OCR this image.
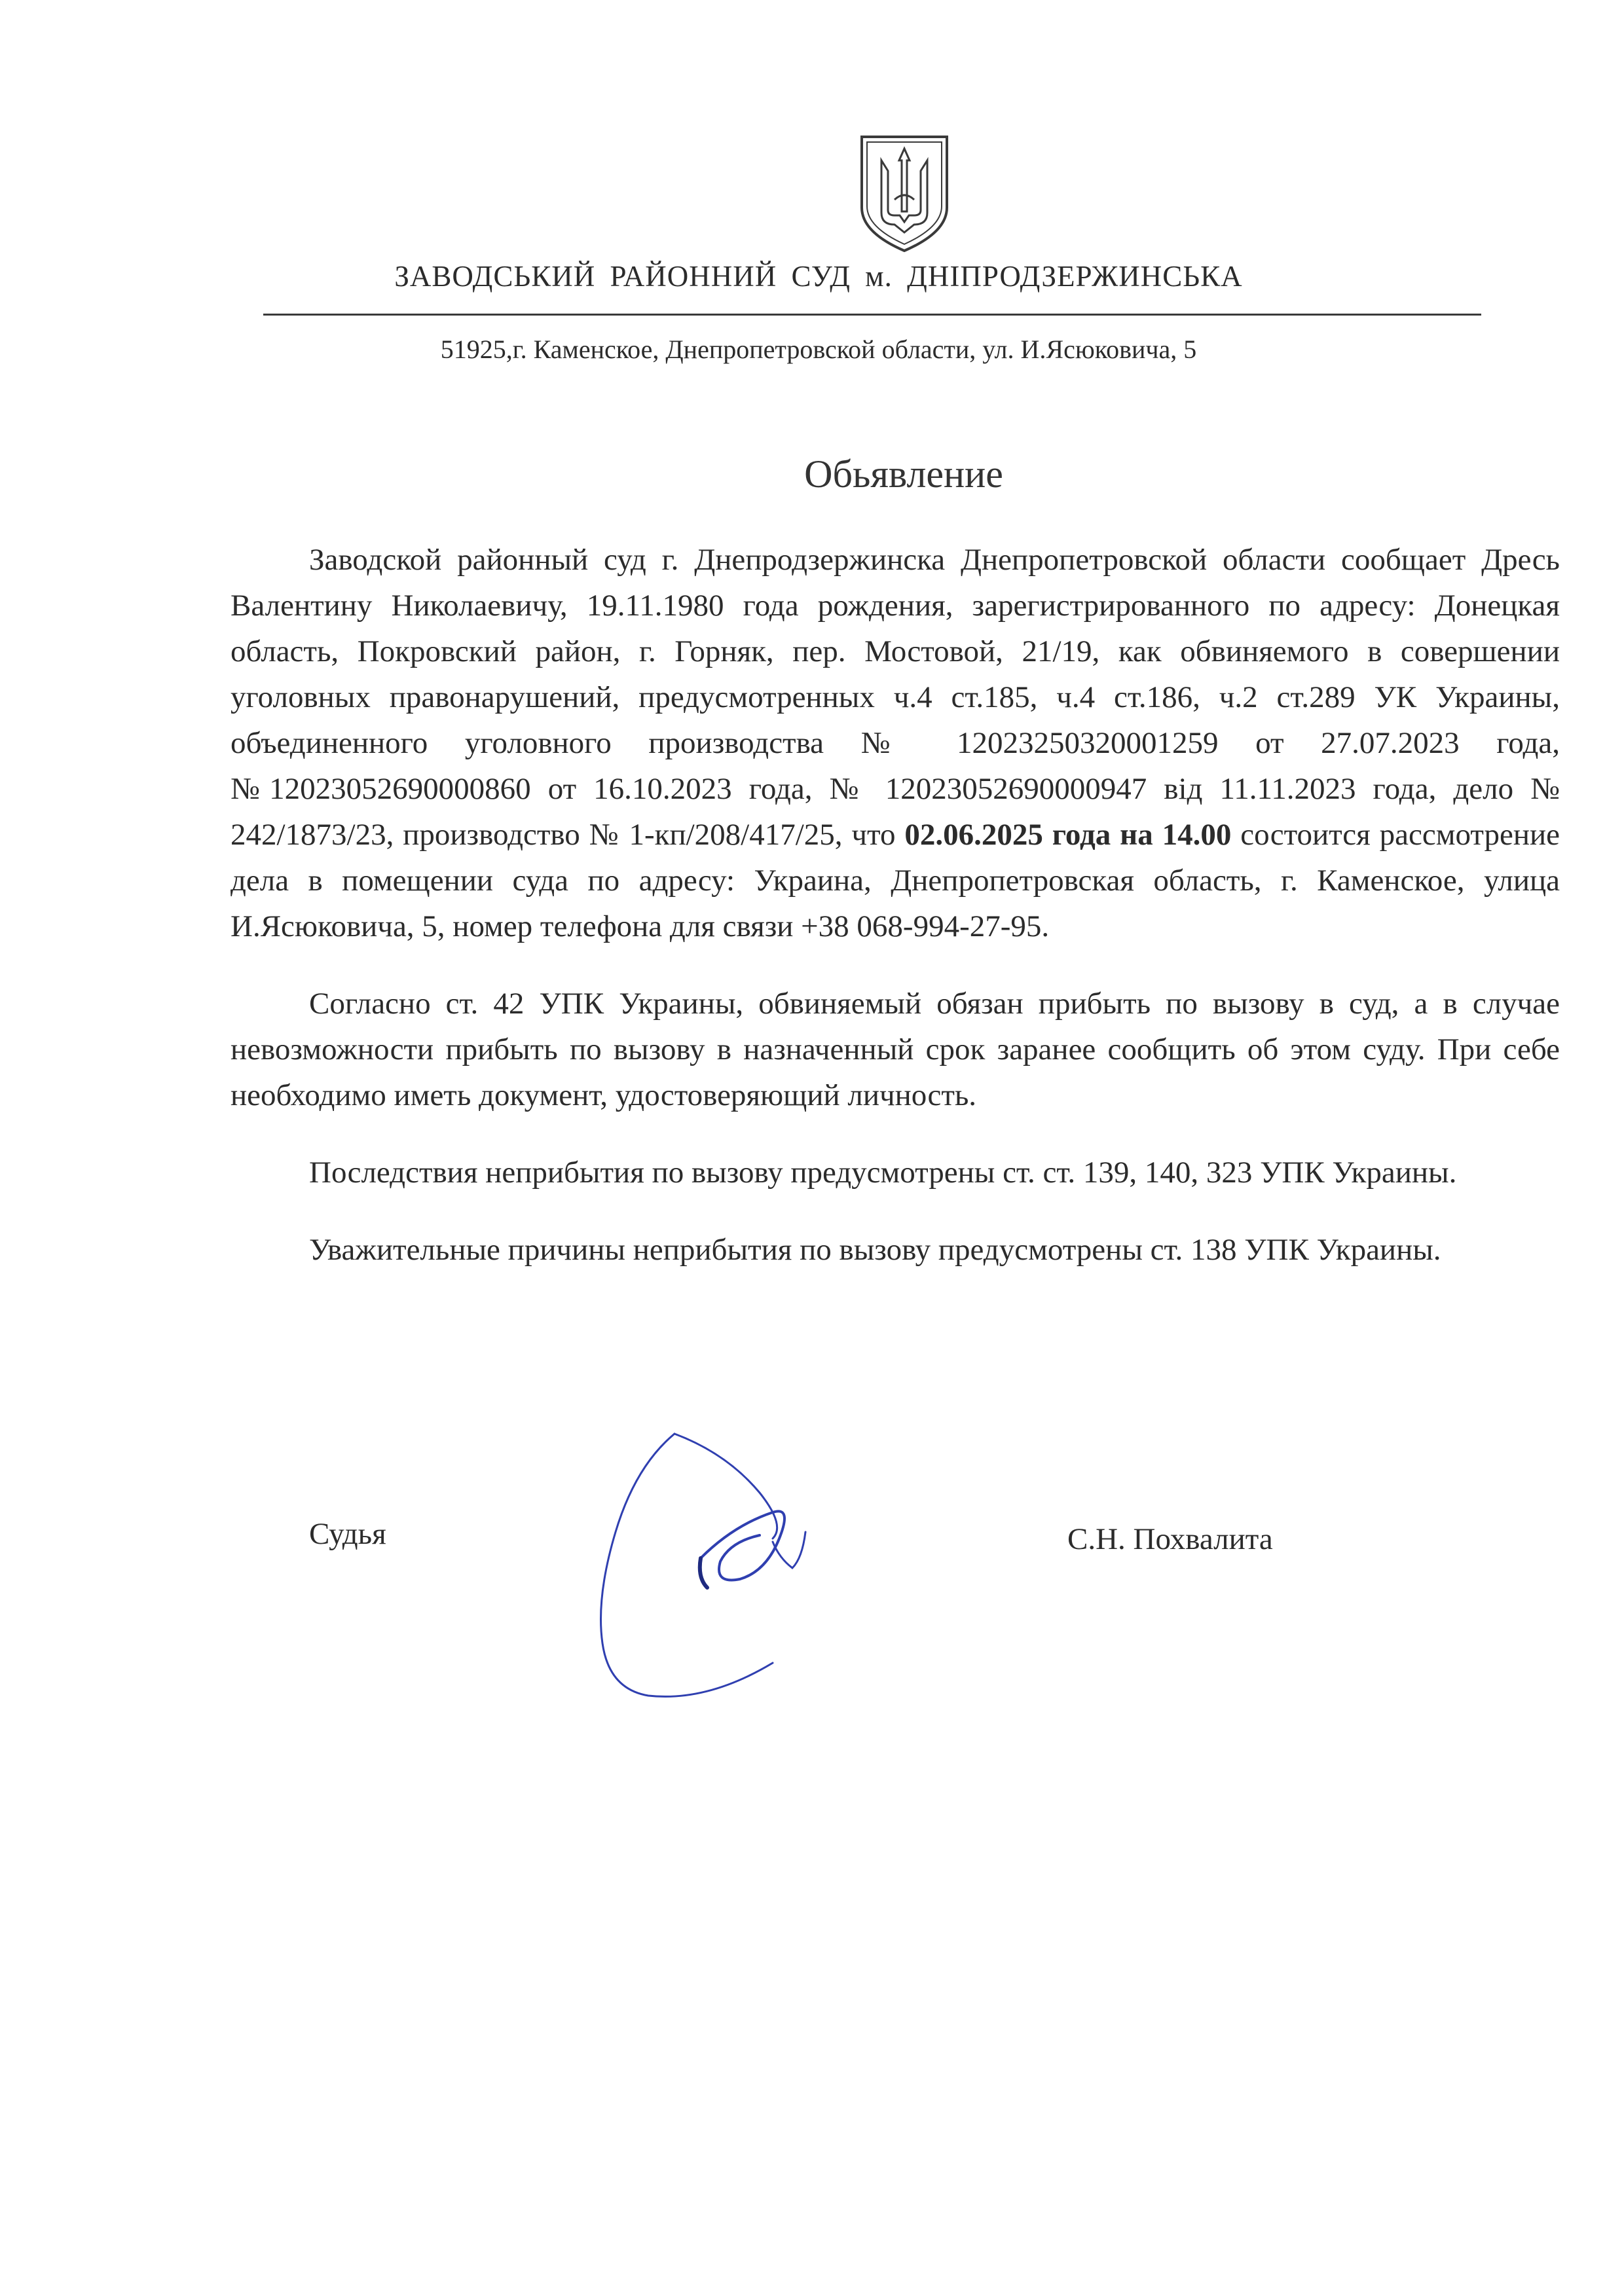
ЗАВОДСЬКИЙ РАЙОННИЙ СУД м. ДНІПРОДЗЕРЖИНСЬКА
51925,г. Каменское, Днепропетровской области, ул. И.Ясюковича, 5
Обьявление

Заводской районный суд г. Днепродзержинска Днепропетровской области сообщает Дресь Валентину Николаевичу, 19.11.1980 года рождения, зарегистрированного по адресу: Донецкая область, Покровский район, г. Горняк, пер. Мостовой, 21/19, как обвиняемого в совершении уголовных правонарушений, предусмотренных ч.4 ст.185, ч.4 ст.186, ч.2 ст.289 УК Украины, объединенного уголовного производства № 12023250320001259 от 27.07.2023 года, №12023052690000860 от 16.10.2023 года, № 12023052690000947 від 11.11.2023 года, дело № 242/1873/23, производство № 1-кп/208/417/25, что 02.06.2025 года на 14.00 состоится рассмотрение дела в помещении суда по адресу: Украина, Днепропетровская область, г. Каменское, улица И.Ясюковича, 5, номер телефона для связи +38 068-994-27-95.

Согласно ст. 42 УПК Украины, обвиняемый обязан прибыть по вызову в суд, а в случае невозможности прибыть по вызову в назначенный срок заранее сообщить об этом суду. При себе необходимо иметь документ, удостоверяющий личность.

Последствия неприбытия по вызову предусмотрены ст. ст. 139, 140, 323 УПК Украины.

Уважительные причины неприбытия по вызову предусмотрены ст. 138 УПК Украины.

Судья	С.Н. Похвалита
